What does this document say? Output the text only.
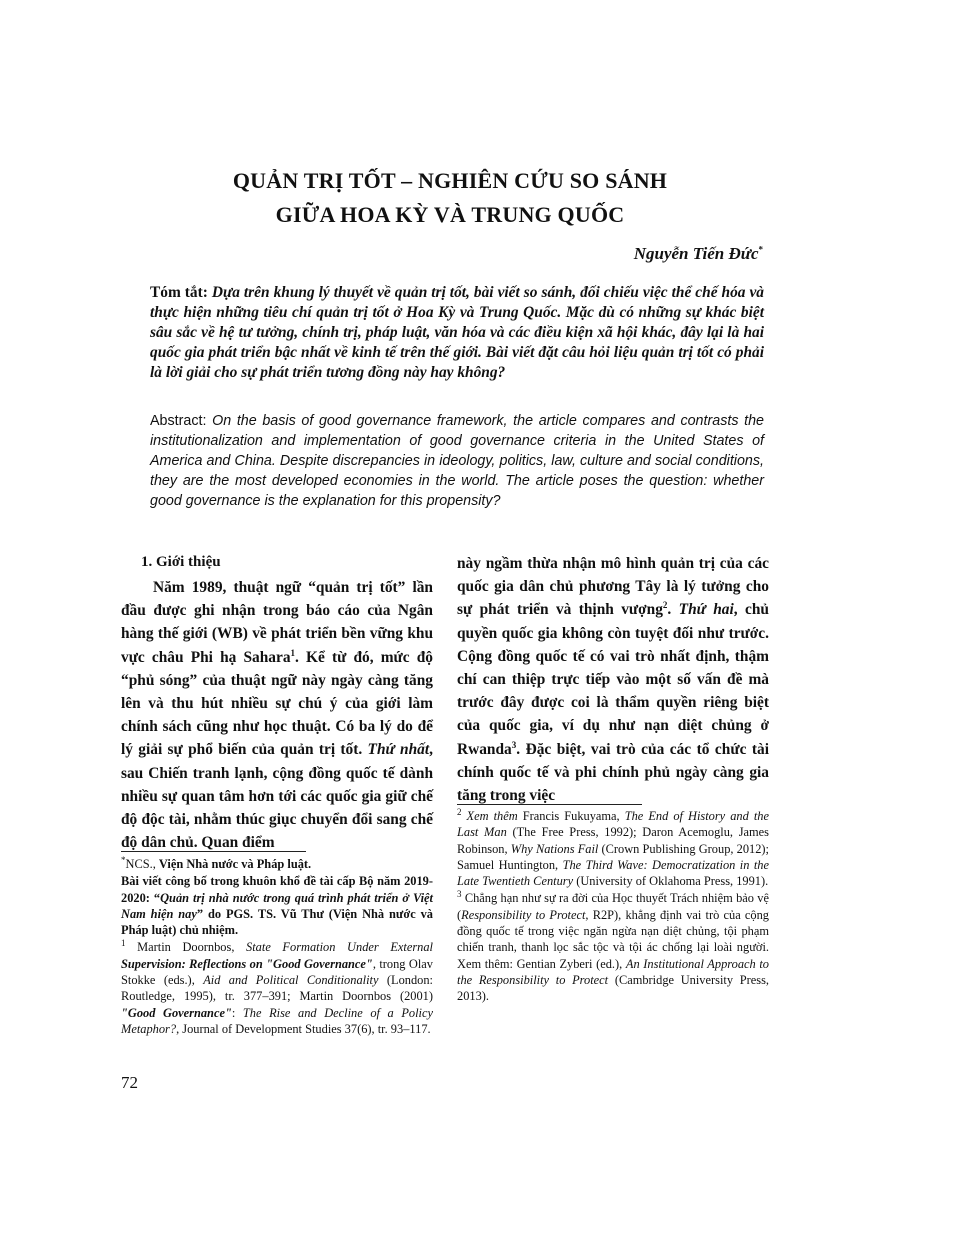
QUẢN TRỊ TỐT – NGHIÊN CỨU SO SÁNH
GIỮA HOA KỲ VÀ TRUNG QUỐC
Nguyễn Tiến Đức*

Tóm tắt: Dựa trên khung lý thuyết về quản trị tốt, bài viết so sánh, đối chiếu việc thể chế hóa và thực hiện những tiêu chí quản trị tốt ở Hoa Kỳ và Trung Quốc. Mặc dù có những sự khác biệt sâu sắc về hệ tư tưởng, chính trị, pháp luật, văn hóa và các điều kiện xã hội khác, đây lại là hai quốc gia phát triển bậc nhất về kinh tế trên thế giới. Bài viết đặt câu hỏi liệu quản trị tốt có phải là lời giải cho sự phát triển tương đồng này hay không?

Abstract: On the basis of good governance framework, the article compares and contrasts the institutionalization and implementation of good governance criteria in the United States of America and China. Despite discrepancies in ideology, politics, law, culture and social conditions, they are the most developed economies in the world. The article poses the question: whether good governance is the explanation for this propensity?

1. Giới thiệu

Năm 1989, thuật ngữ “quản trị tốt” lần đầu được ghi nhận trong báo cáo của Ngân hàng thế giới (WB) về phát triển bền vững khu vực châu Phi hạ Sahara$^1$. Kể từ đó, mức độ “phủ sóng” của thuật ngữ này ngày càng tăng lên và thu hút nhiều sự chú ý của giới làm chính sách cũng như học thuật. Có ba lý do để lý giải sự phổ biến của quản trị tốt. Thứ nhất, sau Chiến tranh lạnh, cộng đồng quốc tế dành nhiều sự quan tâm hơn tới các quốc gia giữ chế độ độc tài, nhằm thúc giục chuyển đổi sang chế độ dân chủ. Quan điểm

này ngầm thừa nhận mô hình quản trị của các quốc gia dân chủ phương Tây là lý tưởng cho sự phát triển và thịnh vượng$^2$. Thứ hai, chủ quyền quốc gia không còn tuyệt đối như trước. Cộng đồng quốc tế có vai trò nhất định, thậm chí can thiệp trực tiếp vào một số vấn đề mà trước đây được coi là thẩm quyền riêng biệt của quốc gia, ví dụ như nạn diệt chủng ở Rwanda$^3$. Đặc biệt, vai trò của các tổ chức tài chính quốc tế và phi chính phủ ngày càng gia tăng trong việc

*NCS., Viện Nhà nước và Pháp luật.

Bài viết công bố trong khuôn khổ đề tài cấp Bộ năm 2019-2020: “Quản trị nhà nước trong quá trình phát triển ở Việt Nam hiện nay” do PGS. TS. Vũ Thư (Viện Nhà nước và Pháp luật) chủ nhiệm.

$^1$ Martin Doornbos, State Formation Under External Supervision: Reflections on "Good Governance", trong Olav Stokke (eds.), Aid and Political Conditionality (London: Routledge, 1995), tr. 377–391; Martin Doornbos (2001) "Good Governance": The Rise and Decline of a Policy Metaphor?, Journal of Development Studies 37(6), tr. 93–117.

$^2$ Xem thêm Francis Fukuyama, The End of History and the Last Man (The Free Press, 1992); Daron Acemoglu, James Robinson, Why Nations Fail (Crown Publishing Group, 2012); Samuel Huntington, The Third Wave: Democratization in the Late Twentieth Century (University of Oklahoma Press, 1991).

$^3$ Chẳng hạn như sự ra đời của Học thuyết Trách nhiệm bảo vệ (Responsibility to Protect, R2P), khẳng định vai trò của cộng đồng quốc tế trong việc ngăn ngừa nạn diệt chủng, tội phạm chiến tranh, thanh lọc sắc tộc và tội ác chống lại loài người. Xem thêm: Gentian Zyberi (ed.), An Institutional Approach to the Responsibility to Protect (Cambridge University Press, 2013).

72
